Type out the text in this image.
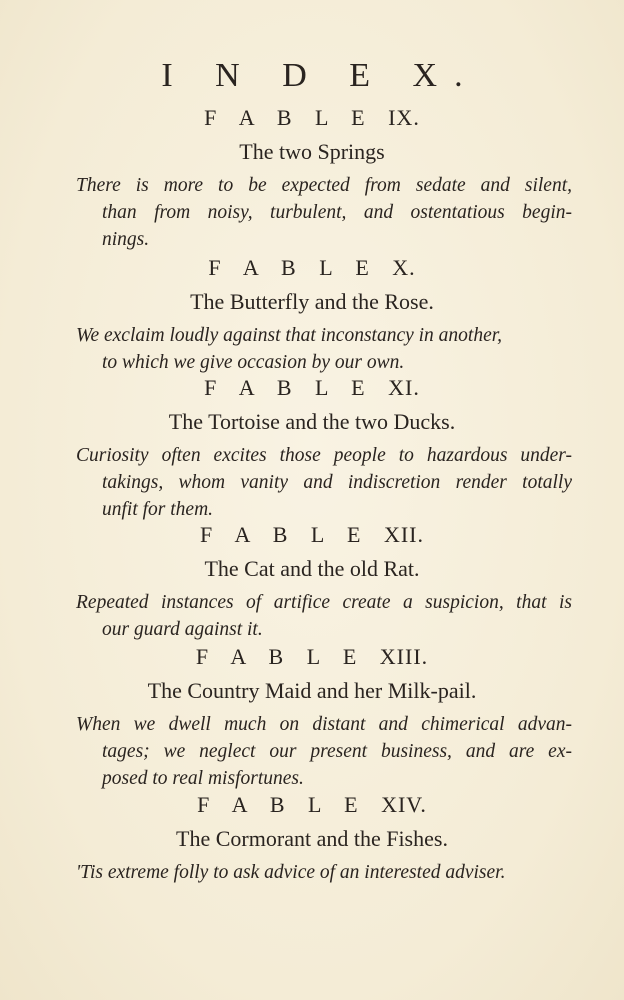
I N D E X.
F A B L E IX.
The two Springs
There is more to be expected from sedate and silent,
than from noisy, turbulent, and ostentatious begin-
nings.
F A B L E X.
The Butterfly and the Rose.
We exclaim loudly against that inconstancy in another,
to which we give occasion by our own.
F A B L E XI.
The Tortoise and the two Ducks.
Curiosity often excites those people to hazardous under-
takings, whom vanity and indiscretion render totally
unfit for them.
F A B L E XII.
The Cat and the old Rat.
Repeated instances of artifice create a suspicion, that is
our guard against it.
F A B L E XIII.
The Country Maid and her Milk-pail.
When we dwell much on distant and chimerical advan-
tages; we neglect our present business, and are ex-
posed to real misfortunes.
F A B L E XIV.
The Cormorant and the Fishes.
'Tis extreme folly to ask advice of an interested adviser.
